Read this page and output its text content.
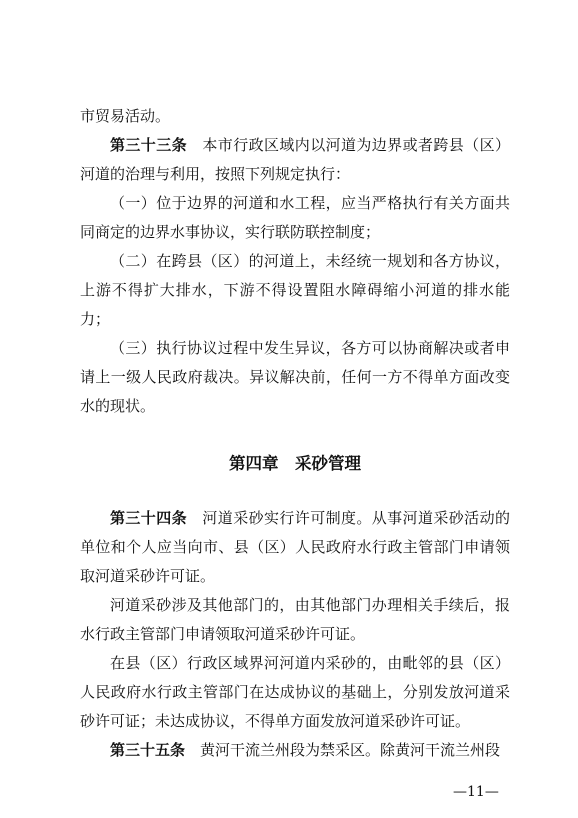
市贸易活动。

第三十三条　本市行政区域内以河道为边界或者跨县（区）河道的治理与利用，按照下列规定执行：

（一）位于边界的河道和水工程，应当严格执行有关方面共同商定的边界水事协议，实行联防联控制度；

（二）在跨县（区）的河道上，未经统一规划和各方协议，上游不得扩大排水，下游不得设置阻水障碍缩小河道的排水能力；

（三）执行协议过程中发生异议，各方可以协商解决或者申请上一级人民政府裁决。异议解决前，任何一方不得单方面改变水的现状。

第四章　采砂管理

第三十四条　河道采砂实行许可制度。从事河道采砂活动的单位和个人应当向市、县（区）人民政府水行政主管部门申请领取河道采砂许可证。

河道采砂涉及其他部门的，由其他部门办理相关手续后，报水行政主管部门申请领取河道采砂许可证。

在县（区）行政区域界河河道内采砂的，由毗邻的县（区）人民政府水行政主管部门在达成协议的基础上，分别发放河道采砂许可证；未达成协议，不得单方面发放河道采砂许可证。

第三十五条　黄河干流兰州段为禁采区。除黄河干流兰州段

—11—
